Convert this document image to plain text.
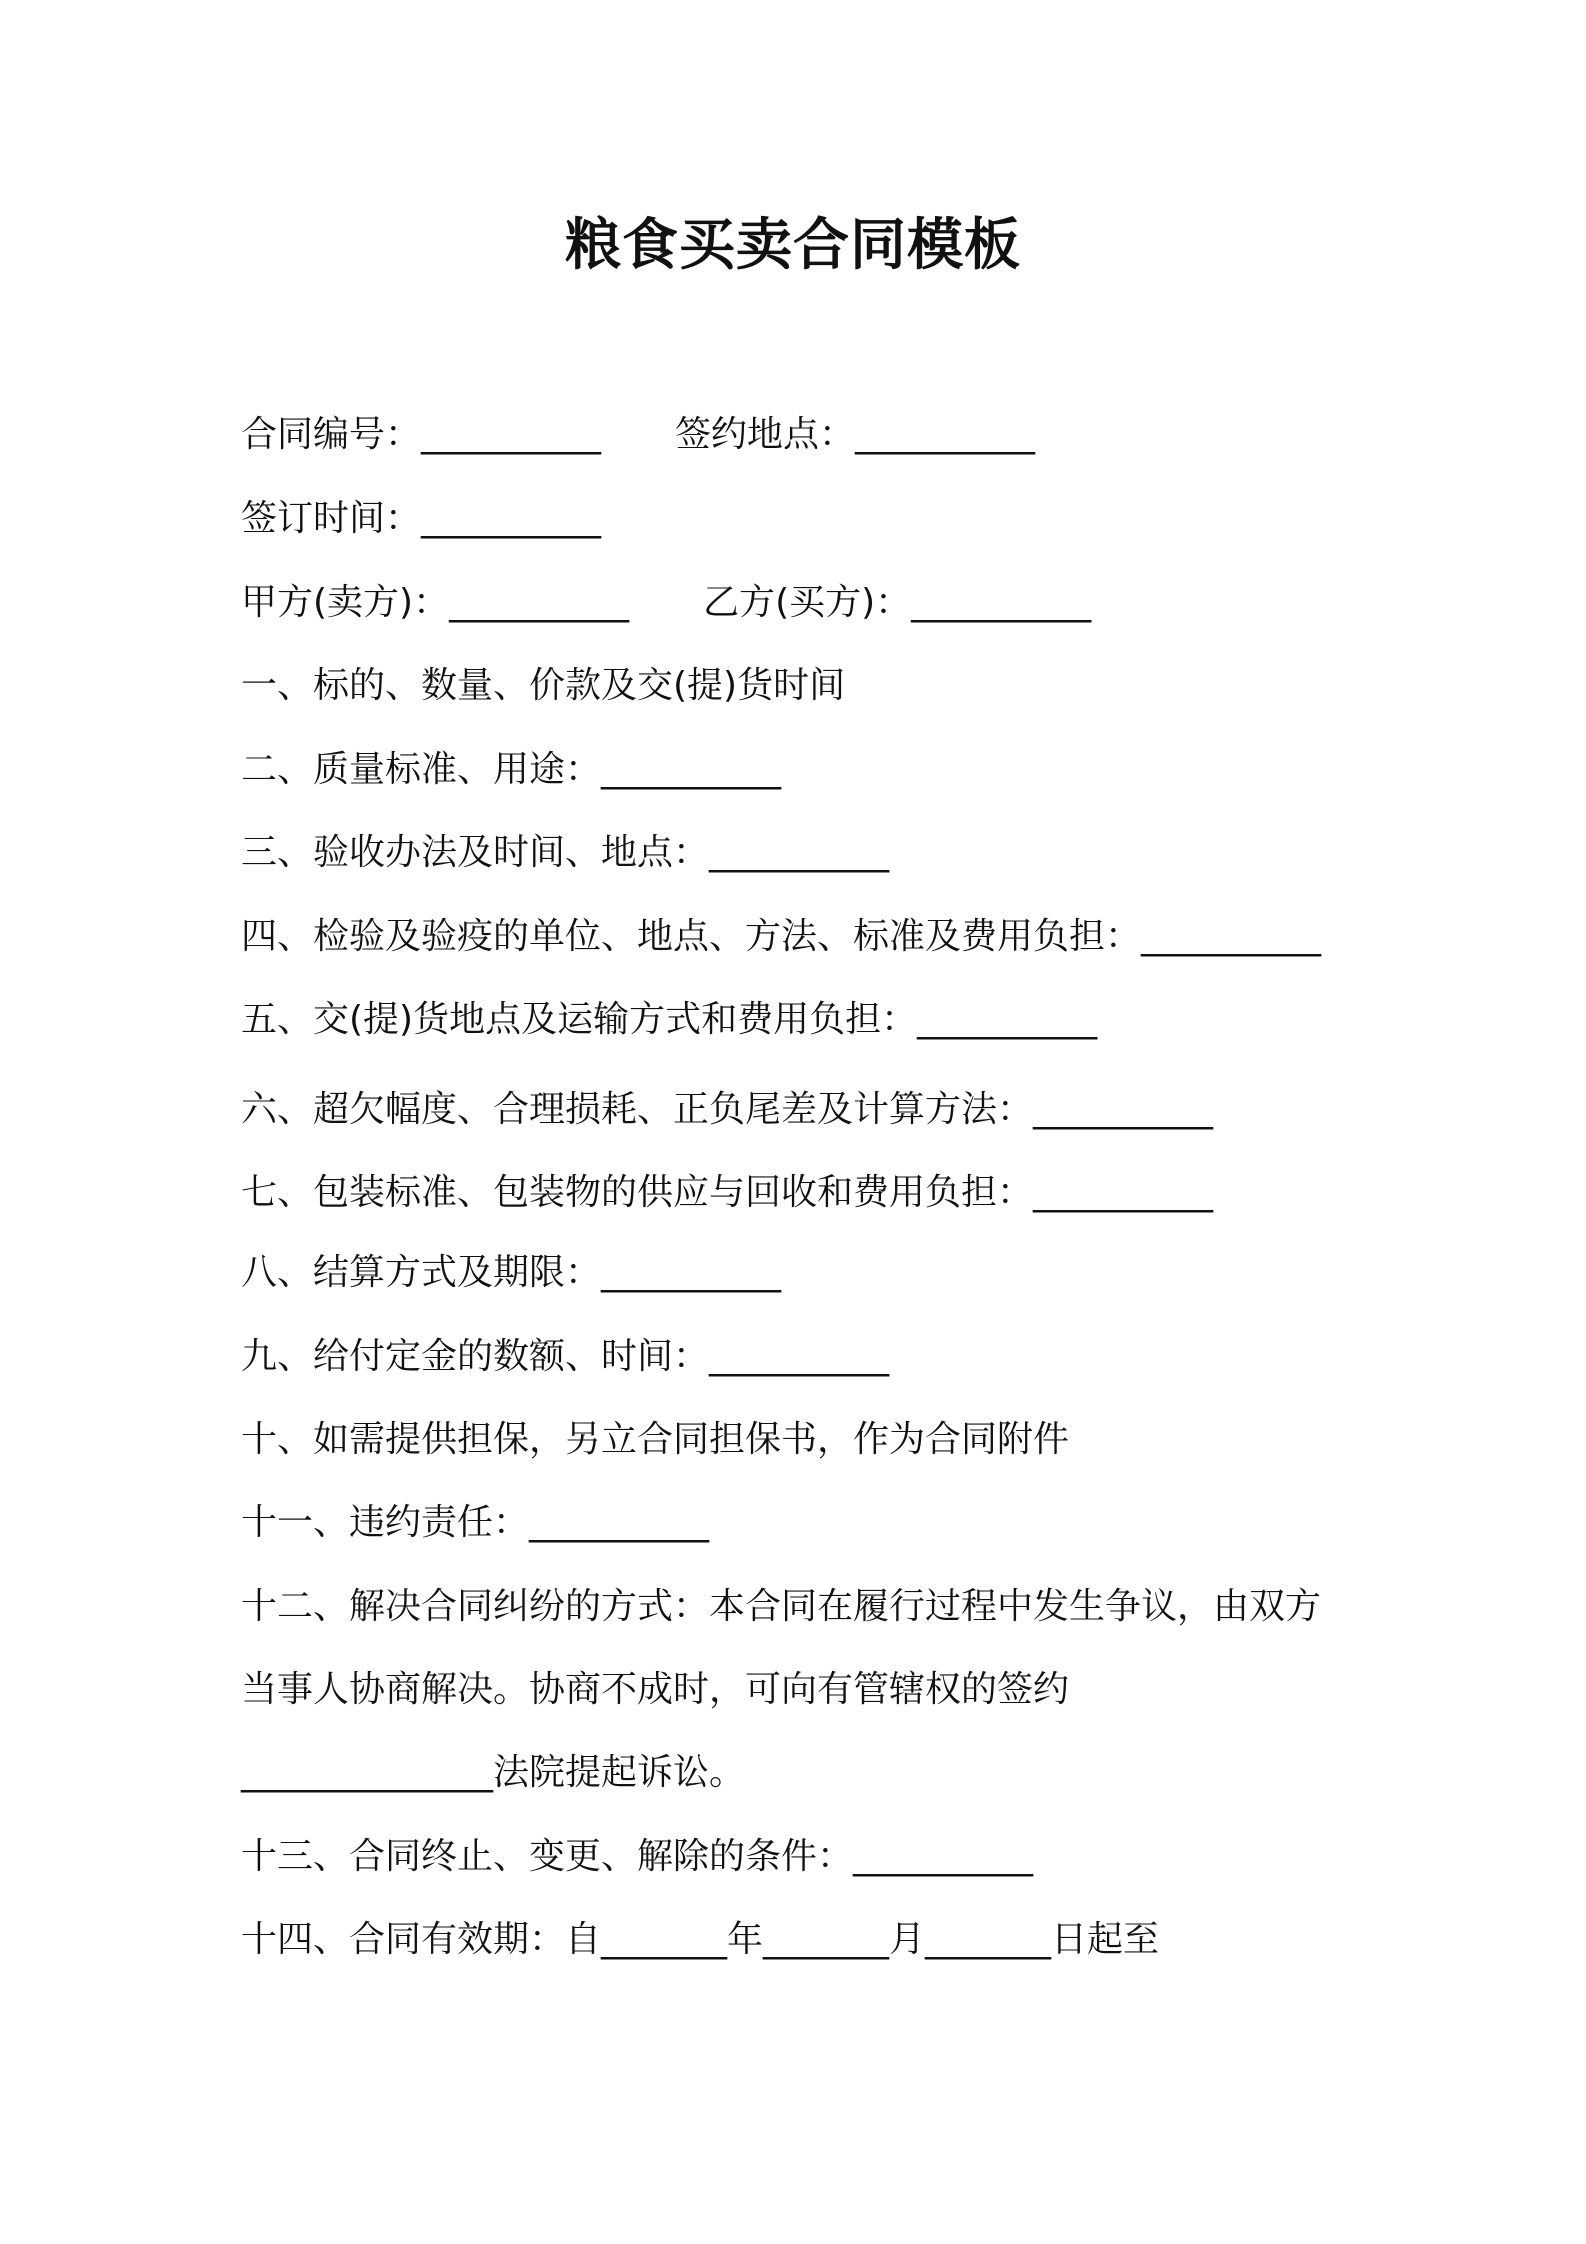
粮食买卖合同模板
合同编号：__________ 签约地点：__________
签订时间：__________
甲方(卖方)：__________ 乙方(买方)：__________
一、标的、数量、价款及交(提)货时间
二、质量标准、用途：__________
三、验收办法及时间、地点：__________
四、检验及验疫的单位、地点、方法、标准及费用负担：__________
五、交(提)货地点及运输方式和费用负担：__________
六、超欠幅度、合理损耗、正负尾差及计算方法：__________
七、包装标准、包装物的供应与回收和费用负担：__________
八、结算方式及期限：__________
九、给付定金的数额、时间：__________
十、如需提供担保，另立合同担保书，作为合同附件
十一、违约责任：__________
十二、解决合同纠纷的方式：本合同在履行过程中发生争议，由双方
当事人协商解决。协商不成时，可向有管辖权的签约
______________法院提起诉讼。
十三、合同终止、变更、解除的条件：__________
十四、合同有效期：自_______年_______月_______日起至
